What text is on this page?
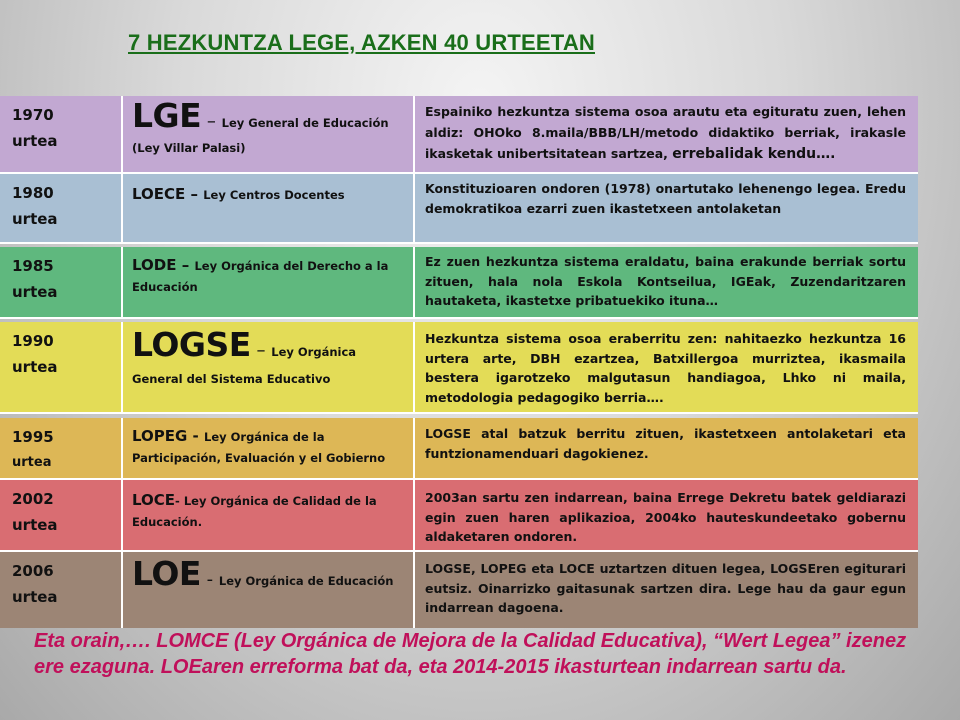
7 HEZKUNTZA LEGE, AZKEN 40 URTEETAN
1970
urtea
LGE – Ley General de Educación
(Ley Villar Palasi)
Espainiko hezkuntza sistema osoa arautu eta egituratu zuen, lehen aldiz: OHOko 8.maila/BBB/LH/metodo didaktiko berriak, irakasle ikasketak unibertsitatean sartzea, errebalidak kendu….
1980
urtea
LOECE – Ley Centros Docentes	Konstituzioaren ondoren (1978) onartutako lehenengo legea. Eredu demokratikoa ezarri zuen ikastetxeen antolaketan
1985
urtea
LODE – Ley Orgánica del Derecho a la Educación
Ez zuen hezkuntza sistema eraldatu, baina erakunde berriak sortu zituen, hala nola Eskola Kontseilua, IGEak, Zuzendaritzaren hautaketa, ikastetxe pribatuekiko ituna…
1990
urtea
LOGSE – Ley Orgánica General del Sistema Educativo
Hezkuntza sistema osoa eraberritu zen: nahitaezko hezkuntza 16 urtera arte, DBH ezartzea, Batxillergoa murriztea, ikasmaila bestera igarotzeko malgutasun handiagoa, Lhko ni maila, metodologia pedagogiko berria….
1995
urtea
LOPEG - Ley Orgánica de la Participación, Evaluación y el Gobierno
LOGSE atal batzuk berritu zituen, ikastetxeen antolaketari eta funtzionamenduari dagokienez.
2002
urtea
LOCE- Ley Orgánica de Calidad de la Educación.
2003an sartu zen indarrean, baina Errege Dekretu batek geldiarazi egin zuen haren aplikazioa, 2004ko hauteskundeetako gobernu aldaketaren ondoren.
2006
urtea
LOE - Ley Orgánica de Educación
LOGSE, LOPEG eta LOCE uztartzen dituen legea, LOGSEren egiturari eutsiz. Oinarrizko gaitasunak sartzen dira. Lege hau da gaur egun indarrean dagoena.
Eta orain,…. LOMCE (Ley Orgánica de Mejora de la Calidad Educativa), “Wert Legea” izenez ere ezaguna. LOEaren erreforma bat da, eta 2014-2015 ikasturtean indarrean sartu da.
